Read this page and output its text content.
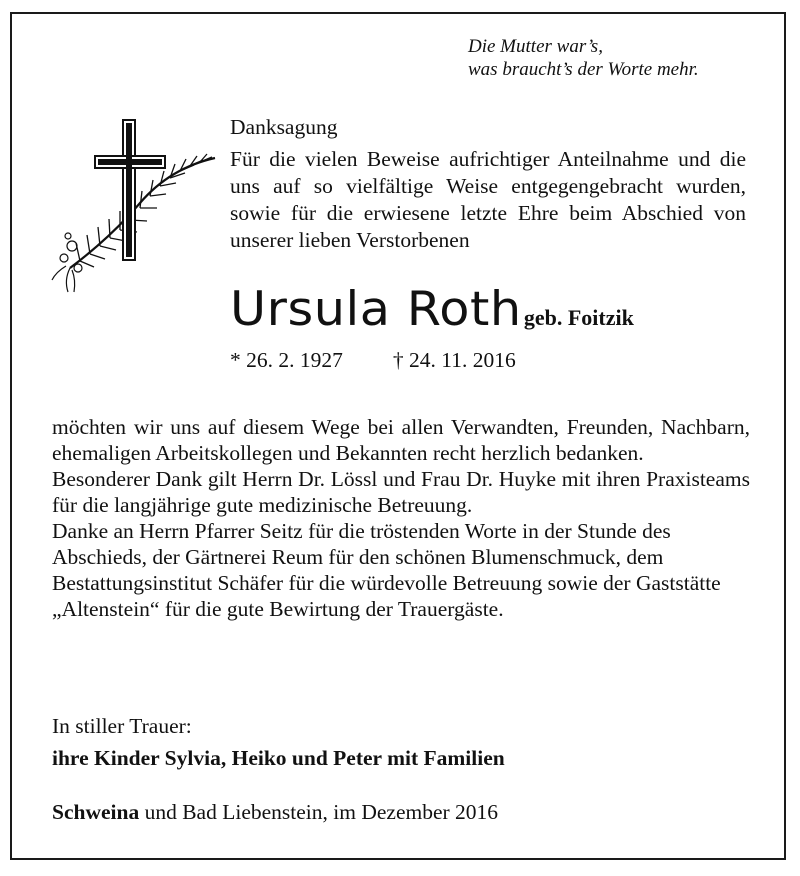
Die Mutter war’s,
was braucht’s der Worte mehr.
Danksagung

Für die vielen Beweise aufrichtiger Anteilnahme und die uns auf so vielfältige Weise entgegengebracht wurden, sowie für die erwiesene letzte Ehre beim Abschied von unserer lieben Verstorbenen

Ursula Rothgeb. Foitzik
* 26. 2. 1927 † 24. 11. 2016

möchten wir uns auf diesem Wege bei allen Verwandten, Freunden, Nachbarn, ehemaligen Arbeitskollegen und Bekannten recht herzlich bedanken.

Besonderer Dank gilt Herrn Dr. Lössl und Frau Dr. Huyke mit ihren Praxisteams für die langjährige gute medizinische Betreuung.

Danke an Herrn Pfarrer Seitz für die tröstenden Worte in der Stunde des Abschieds, der Gärtnerei Reum für den schönen Blumenschmuck, dem Bestattungsinstitut Schäfer für die würdevolle Betreuung sowie der Gaststätte „Altenstein“ für die gute Bewirtung der Trauergäste.

In stiller Trauer:
ihre Kinder Sylvia, Heiko und Peter mit Familien
Schweina und Bad Liebenstein, im Dezember 2016
